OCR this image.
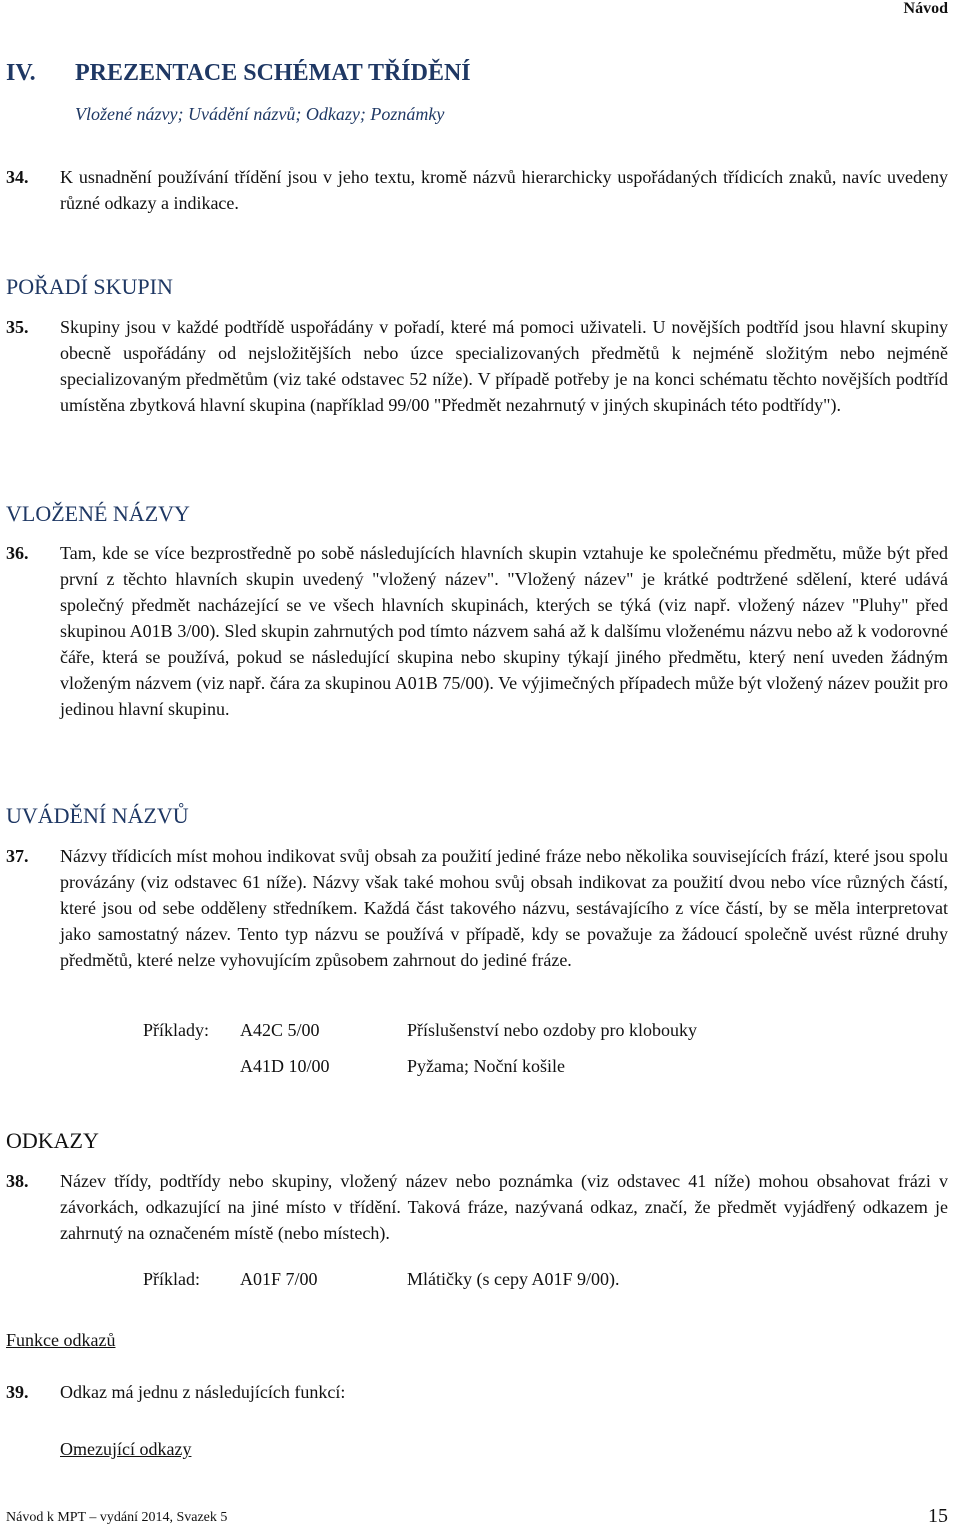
Návod
IV.	PREZENTACE SCHÉMAT TŘÍDĚNÍ
Vložené názvy; Uvádění názvů; Odkazy; Poznámky
34.	K usnadnění používání třídění jsou v jeho textu, kromě názvů hierarchicky uspořádaných třídicích znaků, navíc uvedeny různé odkazy a indikace.
POŘADÍ SKUPIN
35.	Skupiny jsou v každé podtřídě uspořádány v pořadí, které má pomoci uživateli. U novějších podtříd jsou hlavní skupiny obecně uspořádány od nejsložitějších nebo úzce specializovaných předmětů k nejméně složitým nebo nejméně specializovaným předmětům (viz také odstavec 52 níže). V případě potřeby je na konci schématu těchto novějších podtříd umístěna zbytková hlavní skupina (například 99/00 "Předmět nezahrnutý v jiných skupinách této podtřídy").
VLOŽENÉ NÁZVY
36.	Tam, kde se více bezprostředně po sobě následujících hlavních skupin vztahuje ke společnému předmětu, může být před první z těchto hlavních skupin uvedený "vložený název". "Vložený název" je krátké podtržené sdělení, které udává společný předmět nacházející se ve všech hlavních skupinách, kterých se týká (viz např. vložený název "Pluhy" před skupinou A01B 3/00). Sled skupin zahrnutých pod tímto názvem sahá až k dalšímu vloženému názvu nebo až k vodorovné čáře, která se používá, pokud se následující skupina nebo skupiny týkají jiného předmětu, který není uveden žádným vloženým názvem (viz např. čára za skupinou A01B 75/00). Ve výjimečných případech může být vložený název použit pro jedinou hlavní skupinu.
UVÁDĚNÍ NÁZVŮ
37.	Názvy třídicích míst mohou indikovat svůj obsah za použití jediné fráze nebo několika souvisejících frází, které jsou spolu provázány (viz odstavec 61 níže). Názvy však také mohou svůj obsah indikovat za použití dvou nebo více různých částí, které jsou od sebe odděleny středníkem. Každá část takového názvu, sestávajícího z více částí, by se měla interpretovat jako samostatný název. Tento typ názvu se používá v případě, kdy se považuje za žádoucí společně uvést různé druhy předmětů, které nelze vyhovujícím způsobem zahrnout do jediné fráze.
Příklady: A42C 5/00	Příslušenství nebo ozdoby pro klobouky
A41D 10/00	Pyžama; Noční košile
ODKAZY
38.	Název třídy, podtřídy nebo skupiny, vložený název nebo poznámka (viz odstavec 41 níže) mohou obsahovat frázi v závorkách, odkazující na jiné místo v třídění. Taková fráze, nazývaná odkaz, značí, že předmět vyjádřený odkazem je zahrnutý na označeném místě (nebo místech).
Příklad: A01F 7/00	Mlátičky (s cepy A01F 9/00).
Funkce odkazů
39.	Odkaz má jednu z následujících funkcí:
Omezující odkazy
Návod k MPT – vydání 2014, Svazek 5	15
